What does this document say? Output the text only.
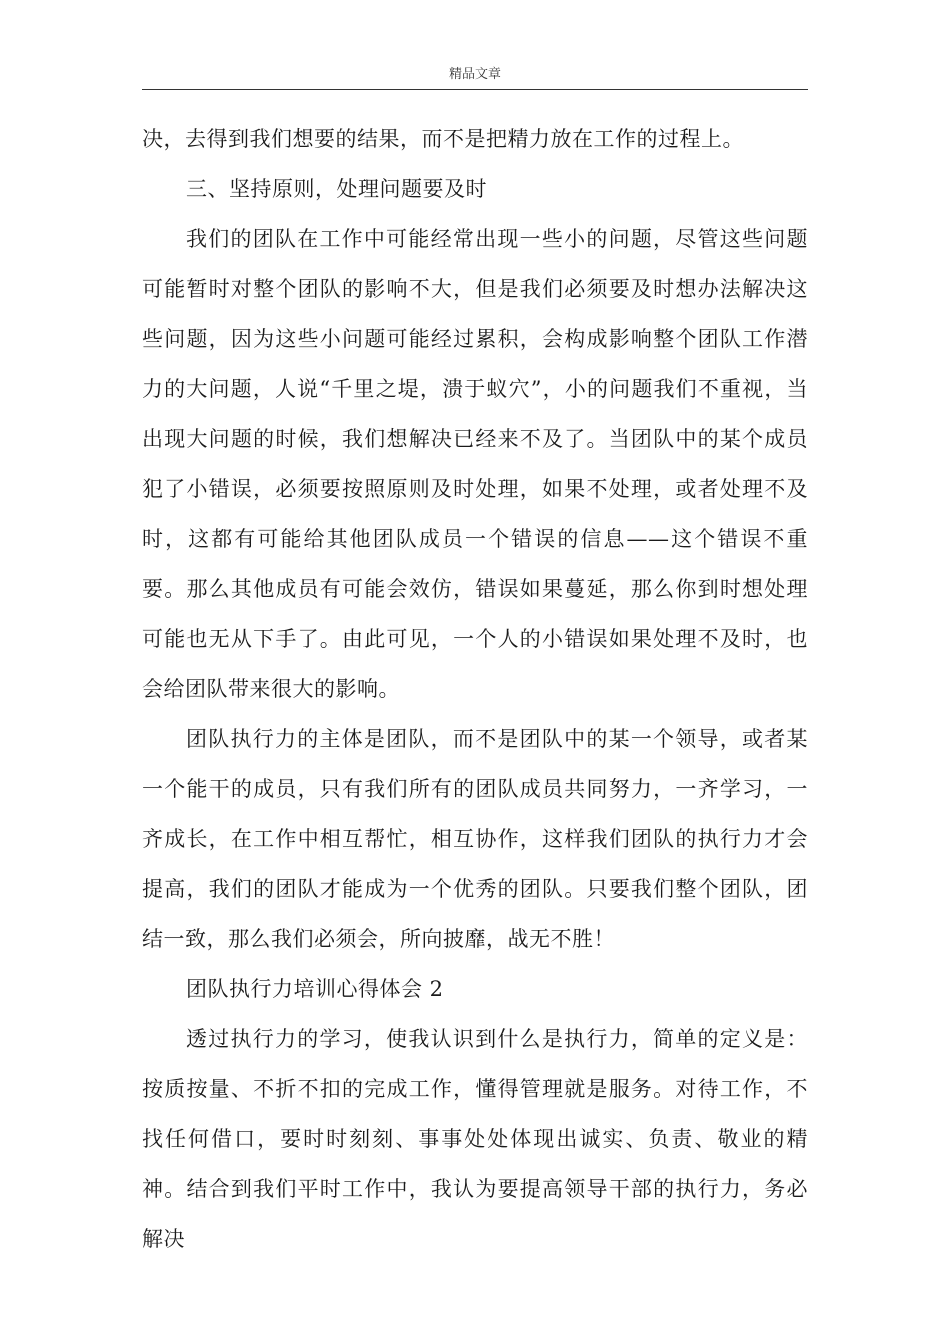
精品文章

决，去得到我们想要的结果，而不是把精力放在工作的过程上。

三、坚持原则，处理问题要及时

我们的团队在工作中可能经常出现一些小的问题，尽管这些问题可能暂时对整个团队的影响不大，但是我们必须要及时想办法解决这些问题，因为这些小问题可能经过累积，会构成影响整个团队工作潜力的大问题，人说“千里之堤，溃于蚁穴”，小的问题我们不重视，当出现大问题的时候，我们想解决已经来不及了。当团队中的某个成员犯了小错误，必须要按照原则及时处理，如果不处理，或者处理不及时，这都有可能给其他团队成员一个错误的信息——这个错误不重要。那么其他成员有可能会效仿，错误如果蔓延，那么你到时想处理可能也无从下手了。由此可见，一个人的小错误如果处理不及时，也会给团队带来很大的影响。

团队执行力的主体是团队，而不是团队中的某一个领导，或者某一个能干的成员，只有我们所有的团队成员共同努力，一齐学习，一齐成长，在工作中相互帮忙，相互协作，这样我们团队的执行力才会提高，我们的团队才能成为一个优秀的团队。只要我们整个团队，团结一致，那么我们必须会，所向披靡，战无不胜！

团队执行力培训心得体会 2

透过执行力的学习，使我认识到什么是执行力，简单的定义是：按质按量、不折不扣的完成工作，懂得管理就是服务。对待工作，不找任何借口，要时时刻刻、事事处处体现出诚实、负责、敬业的精神。结合到我们平时工作中，我认为要提高领导干部的执行力，务必解决
